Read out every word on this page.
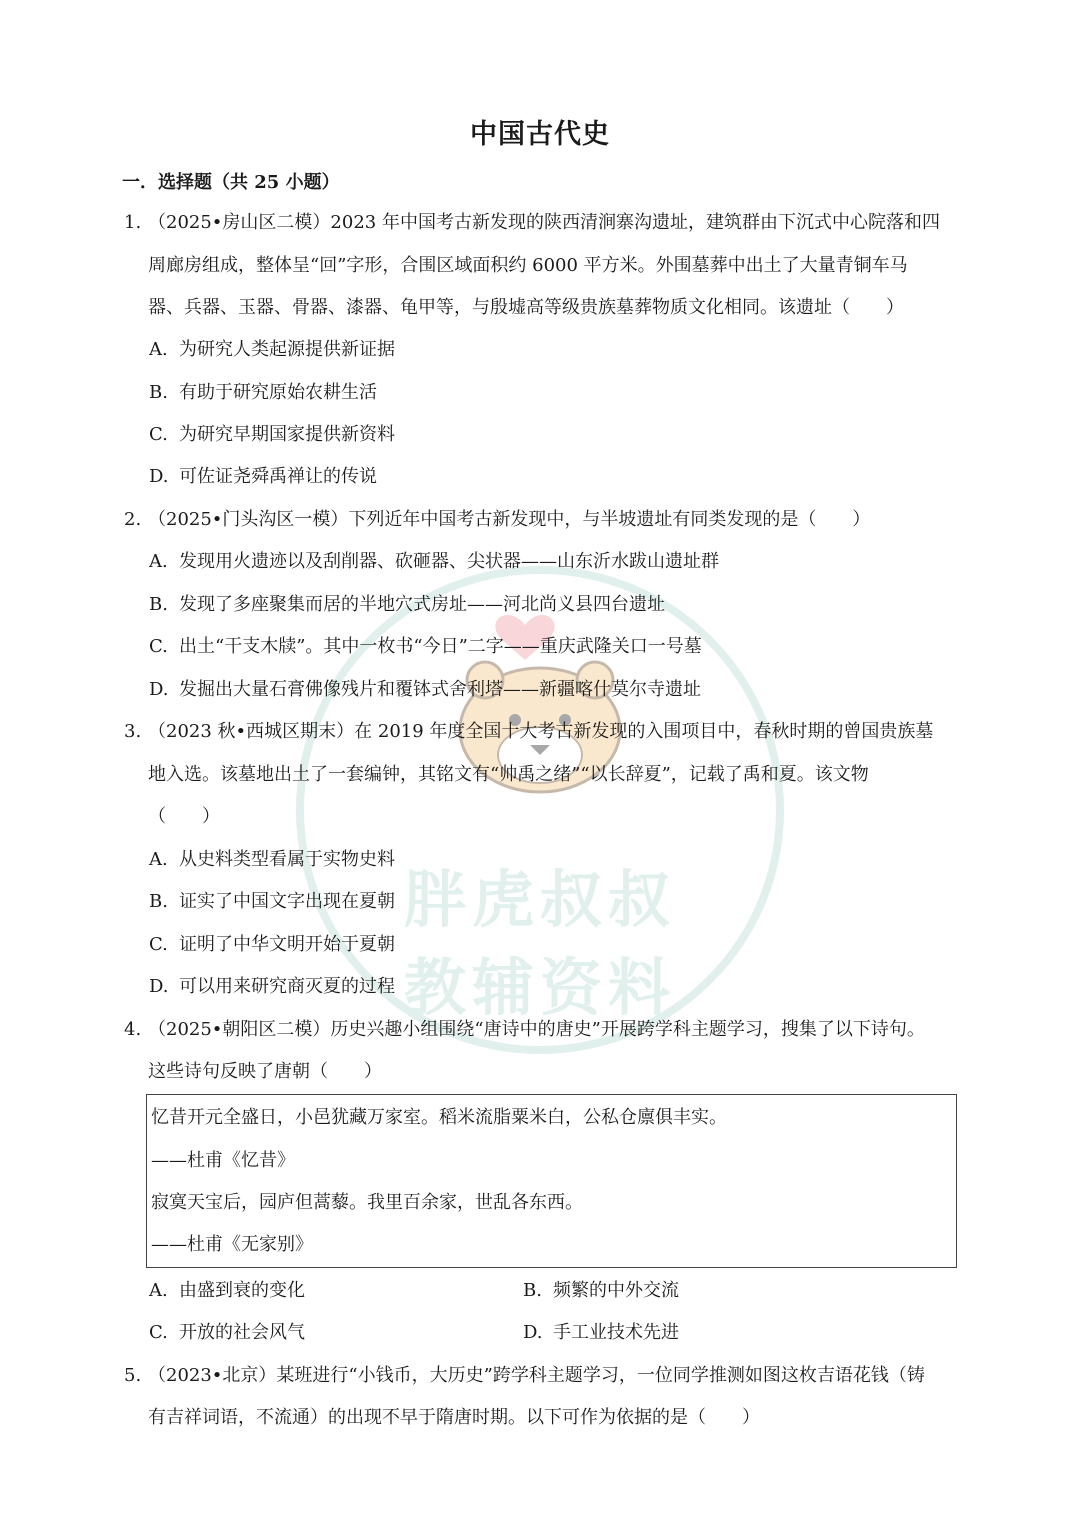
中国古代史
一．选择题（共 25 小题）
胖虎叔叔
教辅资料
1. （2025•房山区二模）2023 年中国考古新发现的陕西清涧寨沟遗址，建筑群由下沉式中心院落和四
周廊房组成，整体呈“回”字形，合围区域面积约 6000 平方米。外围墓葬中出土了大量青铜车马
器、兵器、玉器、骨器、漆器、龟甲等，与殷墟高等级贵族墓葬物质文化相同。该遗址（　　）
A. 为研究人类起源提供新证据
B. 有助于研究原始农耕生活
C. 为研究早期国家提供新资料
D. 可佐证尧舜禹禅让的传说
2. （2025•门头沟区一模）下列近年中国考古新发现中，与半坡遗址有同类发现的是（　　）
A. 发现用火遗迹以及刮削器、砍砸器、尖状器——山东沂水跋山遗址群
B. 发现了多座聚集而居的半地穴式房址——河北尚义县四台遗址
C. 出土“干支木牍”。其中一枚书“今日”二字——重庆武隆关口一号墓
D. 发掘出大量石膏佛像残片和覆钵式舍利塔——新疆喀什莫尔寺遗址
3. （2023 秋•西城区期末）在 2019 年度全国十大考古新发现的入围项目中，春秋时期的曾国贵族墓
地入选。该墓地出土了一套编钟，其铭文有“帅禹之绪”“以长辞夏”，记载了禹和夏。该文物
（　　）
A. 从史料类型看属于实物史料
B. 证实了中国文字出现在夏朝
C. 证明了中华文明开始于夏朝
D. 可以用来研究商灭夏的过程
4. （2025•朝阳区二模）历史兴趣小组围绕“唐诗中的唐史”开展跨学科主题学习，搜集了以下诗句。
这些诗句反映了唐朝（　　）
忆昔开元全盛日，小邑犹藏万家室。稻米流脂粟米白，公私仓廪俱丰实。
——杜甫《忆昔》
寂寞天宝后，园庐但蒿藜。我里百余家，世乱各东西。
——杜甫《无家别》
A. 由盛到衰的变化	B. 频繁的中外交流
C. 开放的社会风气	D. 手工业技术先进
5. （2023•北京）某班进行“小钱币，大历史”跨学科主题学习，一位同学推测如图这枚吉语花钱（铸
有吉祥词语，不流通）的出现不早于隋唐时期。以下可作为依据的是（　　）
